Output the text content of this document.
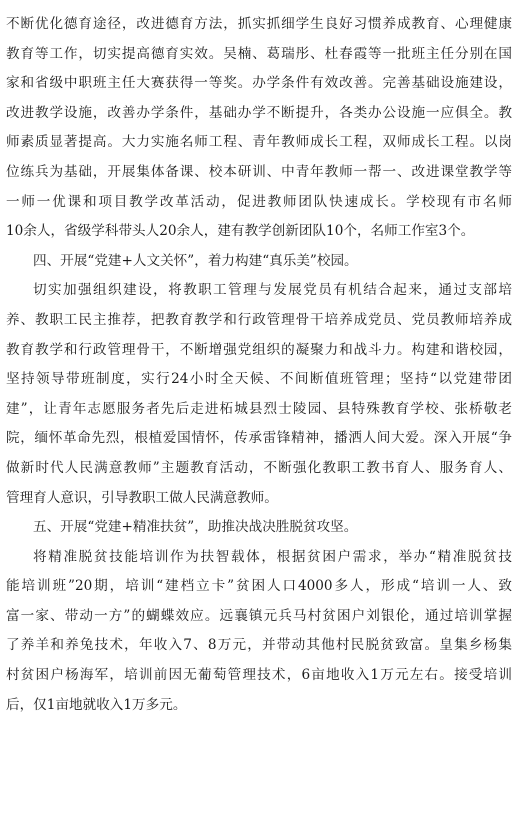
不断优化德育途径，改进德育方法，抓实抓细学生良好习惯养成教育、心理健康
教育等工作，切实提高德育实效。吴楠、葛瑞彤、杜春霞等一批班主任分别在国
家和省级中职班主任大赛获得一等奖。办学条件有效改善。完善基础设施建设，
改进教学设施，改善办学条件，基础办学不断提升，各类办公设施一应俱全。教
师素质显著提高。大力实施名师工程、青年教师成长工程，双师成长工程。以岗
位练兵为基础，开展集体备课、校本研训、中青年教师一帮一、改进课堂教学等
一师一优课和项目教学改革活动，促进教师团队快速成长。学校现有市名师
10余人，省级学科带头人20余人，建有教学创新团队10个，名师工作室3个。
四、开展“党建+人文关怀”，着力构建“真乐美”校园。
切实加强组织建设，将教职工管理与发展党员有机结合起来，通过支部培
养、教职工民主推荐，把教育教学和行政管理骨干培养成党员、党员教师培养成
教育教学和行政管理骨干，不断增强党组织的凝聚力和战斗力。构建和谐校园，
坚持领导带班制度，实行24小时全天候、不间断值班管理；坚持“以党建带团
建”，让青年志愿服务者先后走进柘城县烈士陵园、县特殊教育学校、张桥敬老
院，缅怀革命先烈，根植爱国情怀，传承雷锋精神，播洒人间大爱。深入开展“争
做新时代人民满意教师”主题教育活动，不断强化教职工教书育人、服务育人、
管理育人意识，引导教职工做人民满意教师。
五、开展“党建+精准扶贫”，助推决战决胜脱贫攻坚。
将精准脱贫技能培训作为扶智载体，根据贫困户需求，举办“精准脱贫技
能培训班”20期，培训“建档立卡”贫困人口4000多人，形成“培训一人、致
富一家、带动一方”的蝴蝶效应。远襄镇元兵马村贫困户刘银伦，通过培训掌握
了养羊和养兔技术，年收入7、8万元，并带动其他村民脱贫致富。皇集乡杨集
村贫困户杨海军，培训前因无葡萄管理技术，6亩地收入1万元左右。接受培训
后，仅1亩地就收入1万多元。
